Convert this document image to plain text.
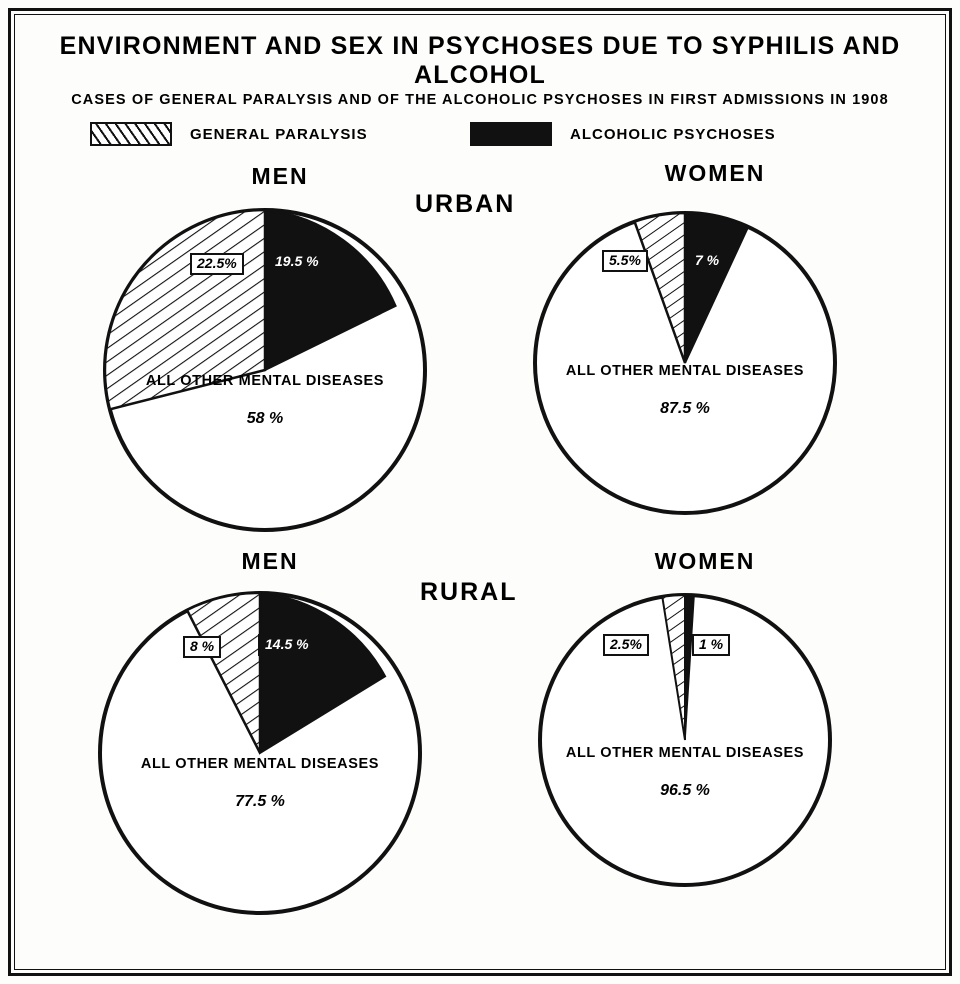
ENVIRONMENT AND SEX IN PSYCHOSES DUE TO SYPHILIS AND ALCOHOL
CASES OF GENERAL PARALYSIS AND OF THE ALCOHOLIC PSYCHOSES IN FIRST ADMISSIONS IN 1908
GENERAL PARALYSIS	ALCOHOLIC PSYCHOSES
URBAN
RURAL
MEN
22.5%	19.5 %
ALL OTHER MENTAL DISEASES
58 %
WOMEN
5.5%	7 %
ALL OTHER MENTAL DISEASES
87.5 %
MEN
8 %	14.5 %
ALL OTHER MENTAL DISEASES
77.5 %
WOMEN
2.5%	1 %
ALL OTHER MENTAL DISEASES
96.5 %
